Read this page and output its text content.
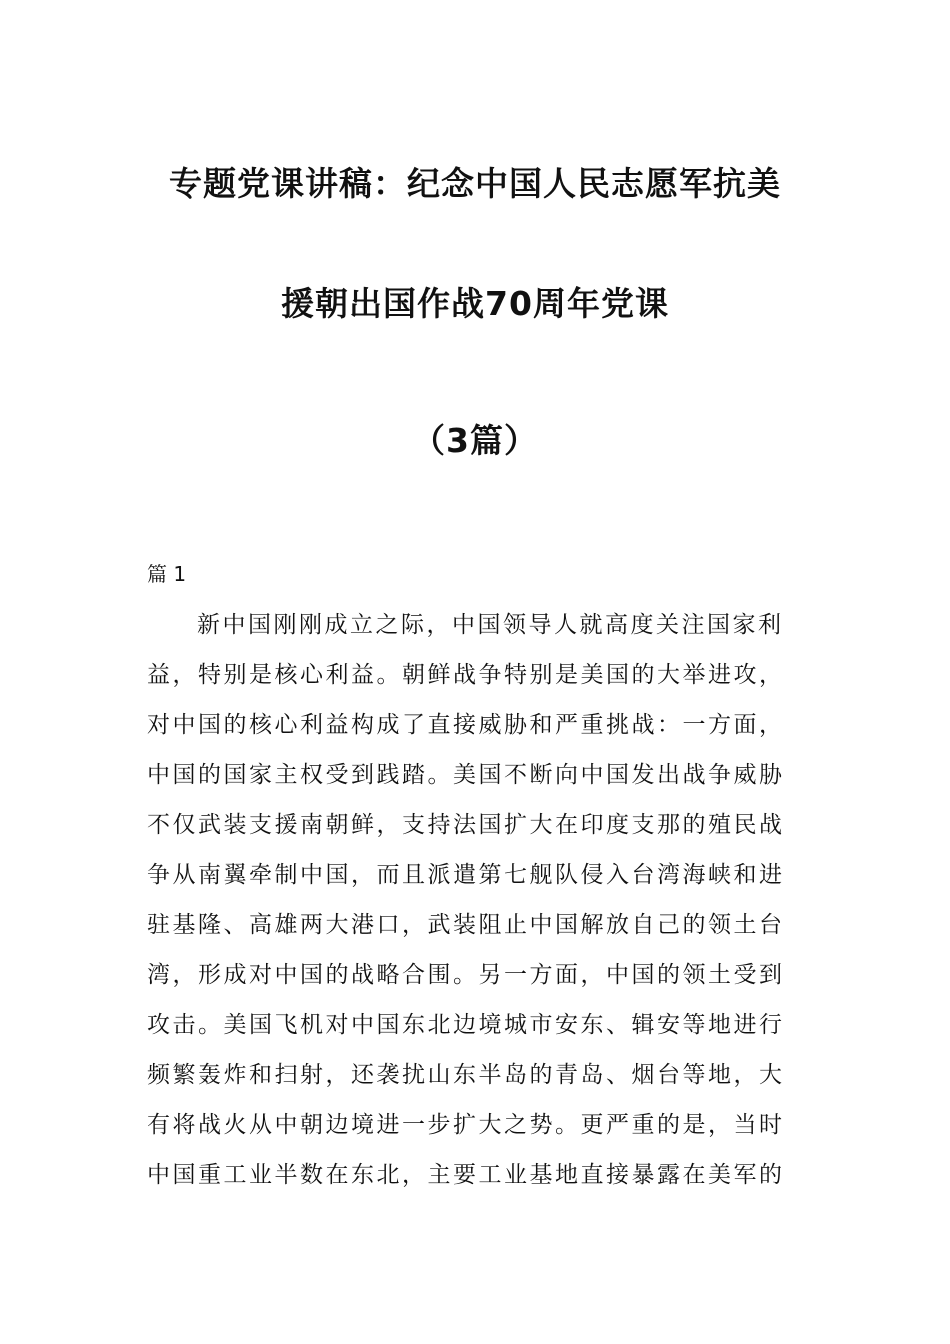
专题党课讲稿：纪念中国人民志愿军抗美
援朝出国作战70周年党课
（3篇）
篇 1
新中国刚刚成立之际，中国领导人就高度关注国家利
益，特别是核心利益。朝鲜战争特别是美国的大举进攻，
对中国的核心利益构成了直接威胁和严重挑战：一方面，
中国的国家主权受到践踏。美国不断向中国发出战争威胁
不仅武装支援南朝鲜，支持法国扩大在印度支那的殖民战
争从南翼牵制中国，而且派遣第七舰队侵入台湾海峡和进
驻基隆、高雄两大港口，武装阻止中国解放自己的领土台
湾，形成对中国的战略合围。另一方面，中国的领土受到
攻击。美国飞机对中国东北边境城市安东、辑安等地进行
频繁轰炸和扫射，还袭扰山东半岛的青岛、烟台等地，大
有将战火从中朝边境进一步扩大之势。更严重的是，当时
中国重工业半数在东北，主要工业基地直接暴露在美军的
